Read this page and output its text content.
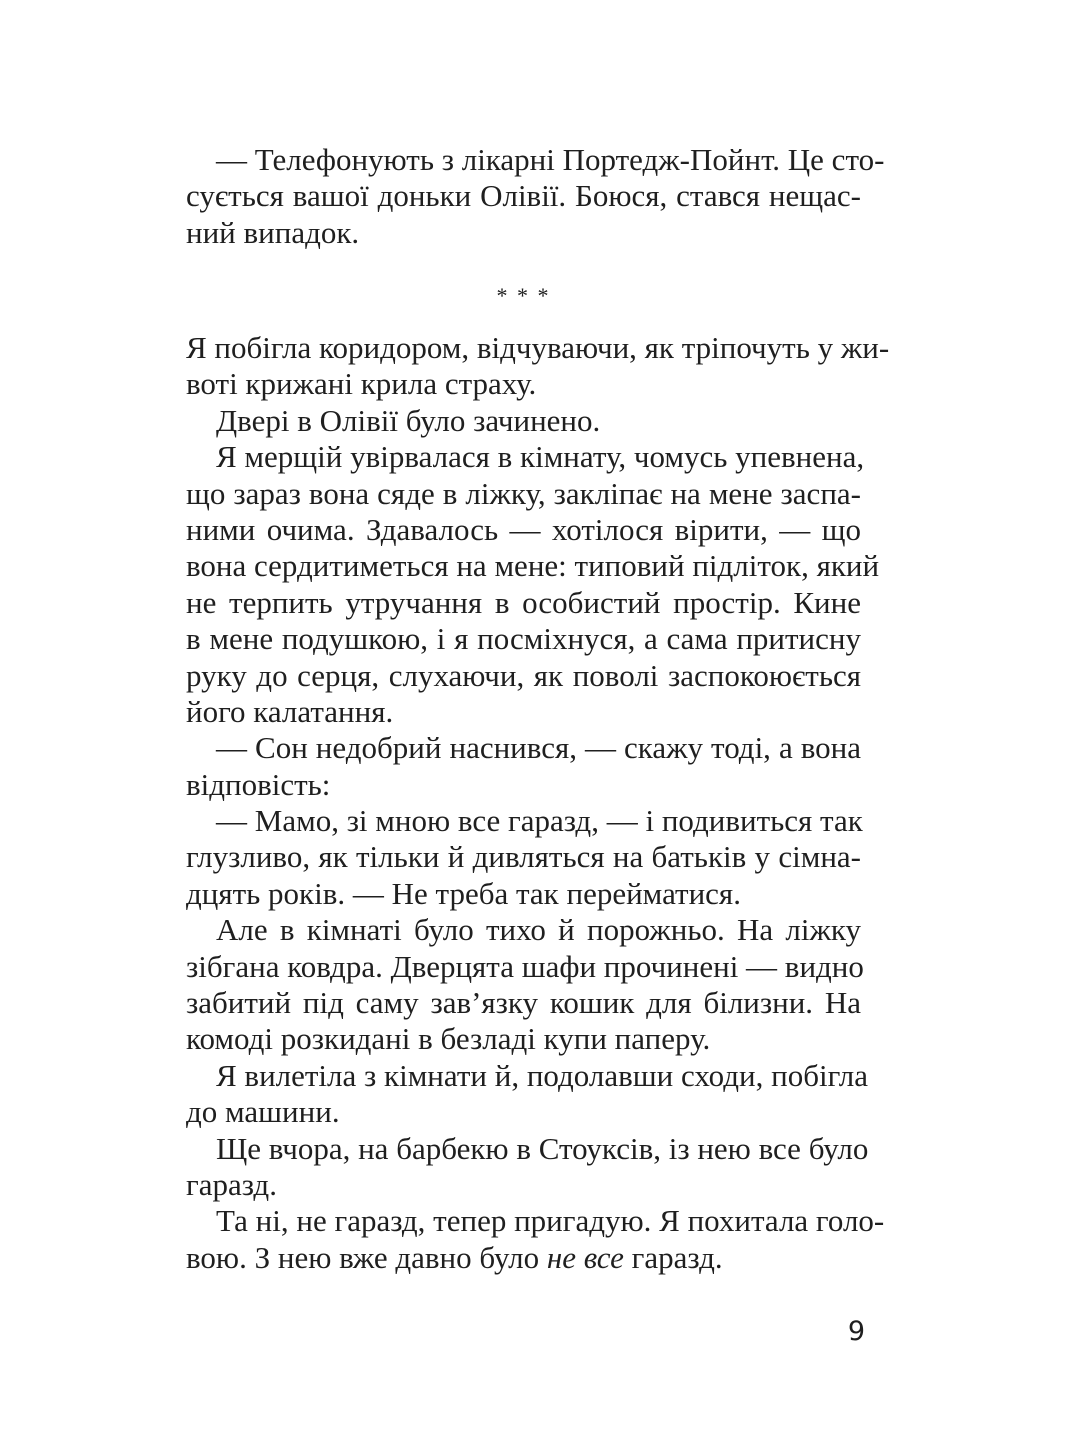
— Телефонують з лікарні Портедж-Пойнт. Це сто-
сується вашої доньки Олівії. Боюся, стався нещас-
ний випадок.
* * *
Я побігла коридором, відчуваючи, як тріпочуть у жи-
воті крижані крила страху.
Двері в Олівії було зачинено.
Я мерщій увірвалася в кімнату, чомусь упевнена,
що зараз вона сяде в ліжку, закліпає на мене заспа-
ними очима. Здавалось — хотілося вірити, — що
вона сердитиметься на мене: типовий підліток, який
не терпить утручання в особистий простір. Кине
в мене подушкою, і я посміхнуся, а сама притисну
руку до серця, слухаючи, як поволі заспокоюється
його калатання.
— Сон недобрий наснився, — скажу тоді, а вона
відповість:
— Мамо, зі мною все гаразд, — і подивиться так
глузливо, як тільки й дивляться на батьків у сімна-
дцять років. — Не треба так перейматися.
Але в кімнаті було тихо й порожньо. На ліжку
зібгана ковдра. Дверцята шафи прочинені — видно
забитий під саму зав’язку кошик для білизни. На
комоді розкидані в безладі купи паперу.
Я вилетіла з кімнати й, подолавши сходи, побігла
до машини.
Ще вчора, на барбекю в Стоуксів, із нею все було
гаразд.
Та ні, не гаразд, тепер пригадую. Я похитала голо-
вою. З нею вже давно було не все гаразд.
9
